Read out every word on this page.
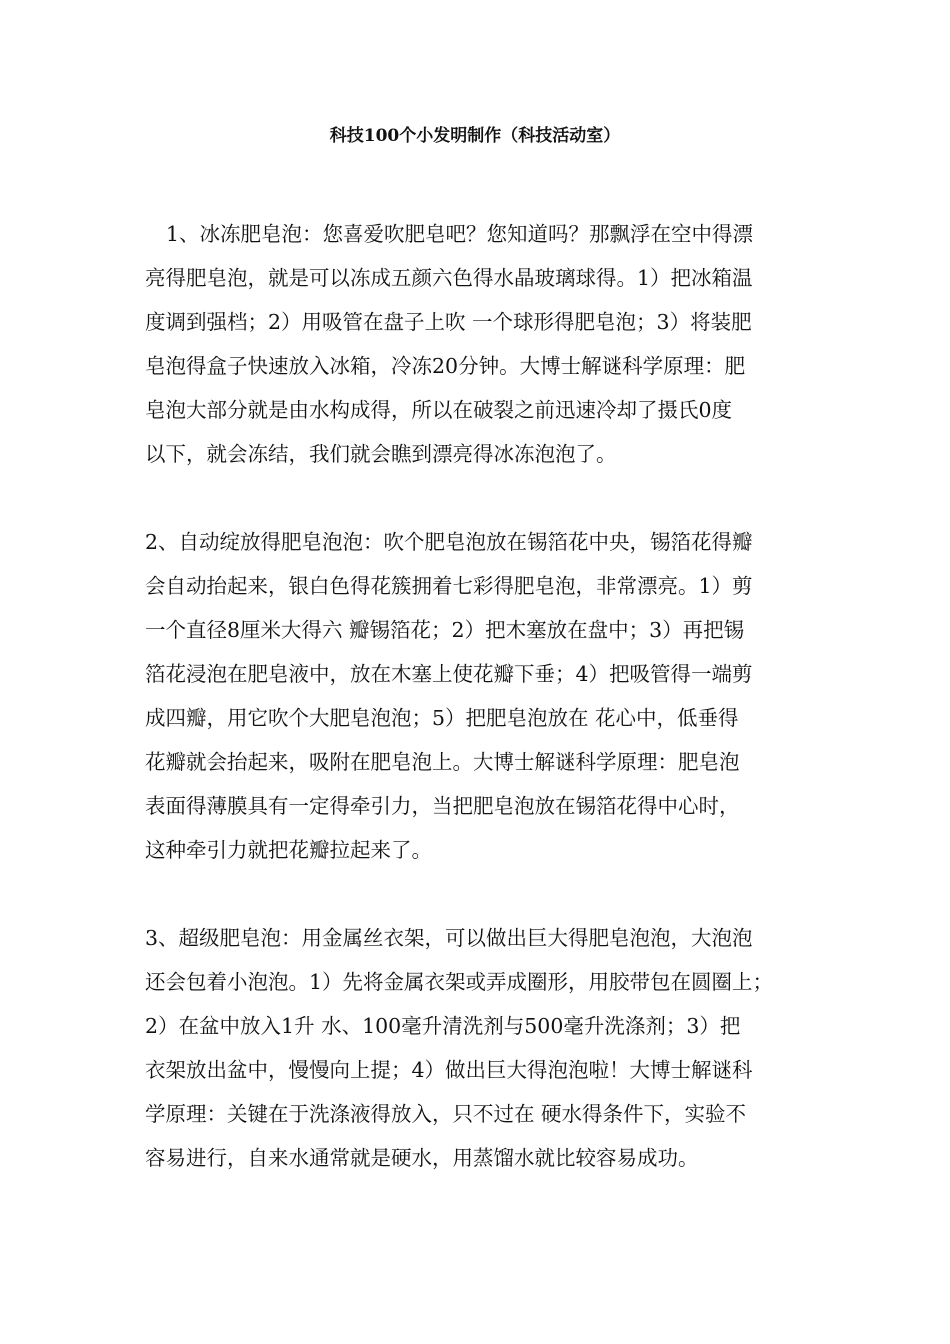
科技100个小发明制作（科技活动室）
1、冰冻肥皂泡：您喜爱吹肥皂吧？您知道吗？那飘浮在空中得漂
亮得肥皂泡，就是可以冻成五颜六色得水晶玻璃球得。1）把冰箱温
度调到强档；2）用吸管在盘子上吹 一个球形得肥皂泡；3）将装肥
皂泡得盒子快速放入冰箱，冷冻20分钟。大博士解谜科学原理：肥
皂泡大部分就是由水构成得，所以在破裂之前迅速冷却了摄氏0度
以下，就会冻结，我们就会瞧到漂亮得冰冻泡泡了。
2、自动绽放得肥皂泡泡：吹个肥皂泡放在锡箔花中央，锡箔花得瓣
会自动抬起来，银白色得花簇拥着七彩得肥皂泡，非常漂亮。1）剪
一个直径8厘米大得六 瓣锡箔花；2）把木塞放在盘中；3）再把锡
箔花浸泡在肥皂液中，放在木塞上使花瓣下垂；4）把吸管得一端剪
成四瓣，用它吹个大肥皂泡泡；5）把肥皂泡放在 花心中，低垂得
花瓣就会抬起来，吸附在肥皂泡上。大博士解谜科学原理：肥皂泡
表面得薄膜具有一定得牵引力，当把肥皂泡放在锡箔花得中心时，
这种牵引力就把花瓣拉起来了。
3、超级肥皂泡：用金属丝衣架，可以做出巨大得肥皂泡泡，大泡泡
还会包着小泡泡。1）先将金属衣架或弄成圈形，用胶带包在圆圈上；
2）在盆中放入1升 水、100毫升清洗剂与500毫升洗涤剂；3）把
衣架放出盆中，慢慢向上提；4）做出巨大得泡泡啦！大博士解谜科
学原理：关键在于洗涤液得放入，只不过在 硬水得条件下，实验不
容易进行，自来水通常就是硬水，用蒸馏水就比较容易成功。
